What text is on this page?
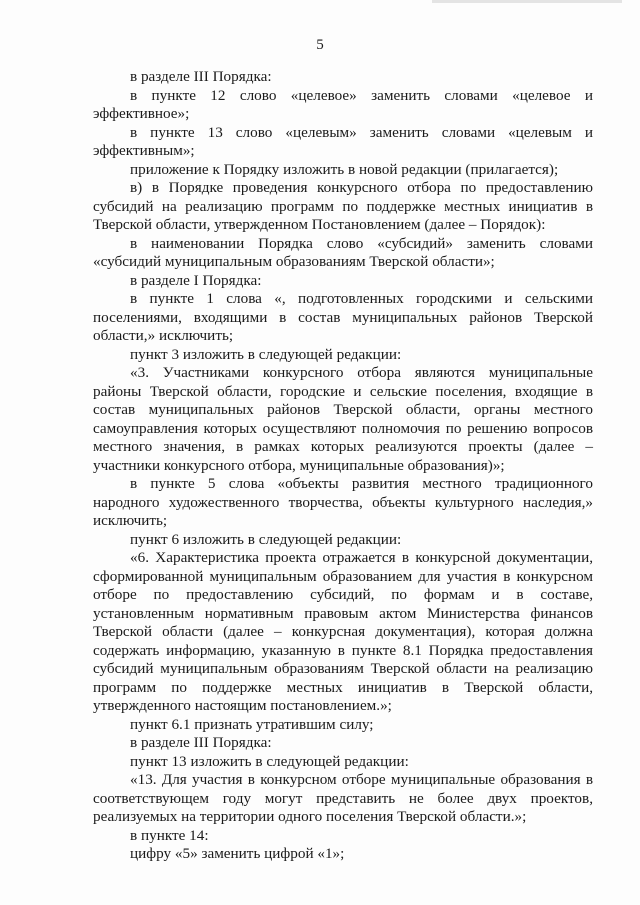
5

в разделе III Порядка:

в пункте 12 слово «целевое» заменить словами «целевое и эффективное»;

в пункте 13 слово «целевым» заменить словами «целевым и эффективным»;

приложение к Порядку изложить в новой редакции (прилагается);

в) в Порядке проведения конкурсного отбора по предоставлению субсидий на реализацию программ по поддержке местных инициатив в Тверской области, утвержденном Постановлением (далее – Порядок):

в наименовании Порядка слово «субсидий» заменить словами «субсидий муниципальным образованиям Тверской области»;

в разделе I Порядка:

в пункте 1 слова «, подготовленных городскими и сельскими поселениями, входящими в состав муниципальных районов Тверской области,» исключить;

пункт 3 изложить в следующей редакции:

«3. Участниками конкурсного отбора являются муниципальные районы Тверской области, городские и сельские поселения, входящие в состав муниципальных районов Тверской области, органы местного самоуправления которых осуществляют полномочия по решению вопросов местного значения, в рамках которых реализуются проекты (далее – участники конкурсного отбора, муниципальные образования)»;

в пункте 5 слова «объекты развития местного традиционного народного художественного творчества, объекты культурного наследия,» исключить;

пункт 6 изложить в следующей редакции:

«6. Характеристика проекта отражается в конкурсной документации, сформированной муниципальным образованием для участия в конкурсном отборе по предоставлению субсидий, по формам и в составе, установленным нормативным правовым актом Министерства финансов Тверской области (далее – конкурсная документация), которая должна содержать информацию, указанную в пункте 8.1 Порядка предоставления субсидий муниципальным образованиям Тверской области на реализацию программ по поддержке местных инициатив в Тверской области, утвержденного настоящим постановлением.»;

пункт 6.1 признать утратившим силу;

в разделе III Порядка:

пункт 13 изложить в следующей редакции:

«13. Для участия в конкурсном отборе муниципальные образования в соответствующем году могут представить не более двух проектов, реализуемых на территории одного поселения Тверской области.»;

в пункте 14:

цифру «5» заменить цифрой «1»;
